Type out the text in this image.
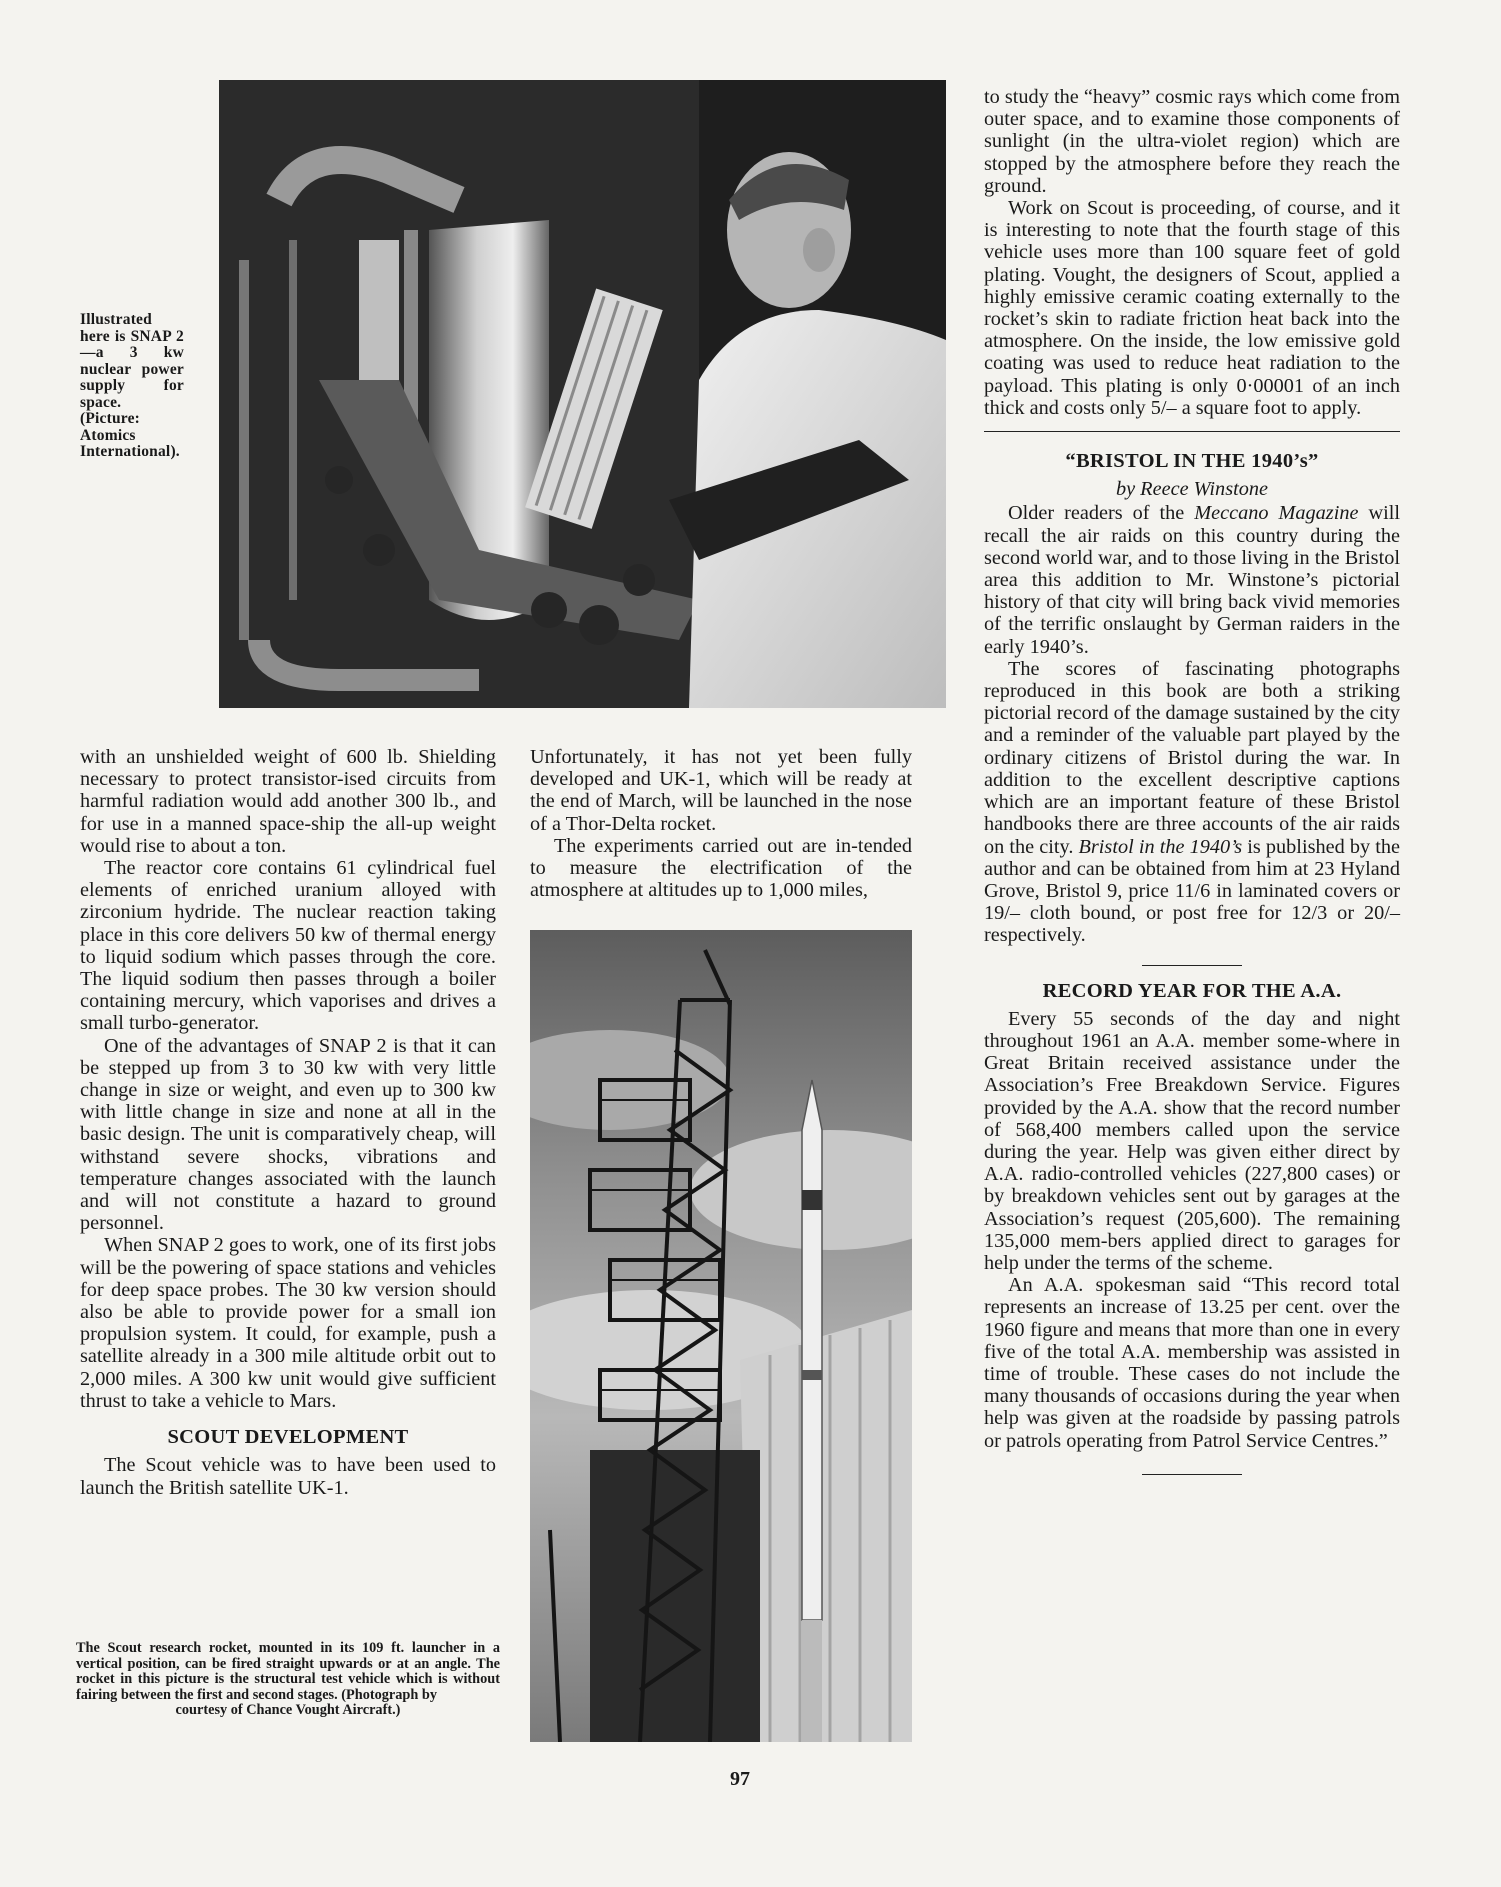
Illustrated here is SNAP 2—a 3 kw nuclear power supply for space. (Picture: Atomics International).

with an unshielded weight of 600 lb. Shielding necessary to protect transistor-ised circuits from harmful radiation would add another 300 lb., and for use in a manned space-ship the all-up weight would rise to about a ton.

The reactor core contains 61 cylindrical fuel elements of enriched uranium alloyed with zirconium hydride. The nuclear reaction taking place in this core delivers 50 kw of thermal energy to liquid sodium which passes through the core. The liquid sodium then passes through a boiler containing mercury, which vaporises and drives a small turbo-generator.

One of the advantages of SNAP 2 is that it can be stepped up from 3 to 30 kw with very little change in size or weight, and even up to 300 kw with little change in size and none at all in the basic design. The unit is comparatively cheap, will withstand severe shocks, vibrations and temperature changes associated with the launch and will not constitute a hazard to ground personnel.

When SNAP 2 goes to work, one of its first jobs will be the powering of space stations and vehicles for deep space probes. The 30 kw version should also be able to provide power for a small ion propulsion system. It could, for example, push a satellite already in a 300 mile altitude orbit out to 2,000 miles. A 300 kw unit would give sufficient thrust to take a vehicle to Mars.

SCOUT DEVELOPMENT

The Scout vehicle was to have been used to launch the British satellite UK-1.

The Scout research rocket, mounted in its 109 ft. launcher in a vertical position, can be fired straight upwards or at an angle. The rocket in this picture is the structural test vehicle which is without fairing between the first and second stages. (Photograph by
courtesy of Chance Vought Aircraft.)

Unfortunately, it has not yet been fully developed and UK-1, which will be ready at the end of March, will be launched in the nose of a Thor-Delta rocket.

The experiments carried out are in-tended to measure the electrification of the atmosphere at altitudes up to 1,000 miles,

to study the “heavy” cosmic rays which come from outer space, and to examine those components of sunlight (in the ultra-violet region) which are stopped by the atmosphere before they reach the ground.

Work on Scout is proceeding, of course, and it is interesting to note that the fourth stage of this vehicle uses more than 100 square feet of gold plating. Vought, the designers of Scout, applied a highly emissive ceramic coating externally to the rocket’s skin to radiate friction heat back into the atmosphere. On the inside, the low emissive gold coating was used to reduce heat radiation to the payload. This plating is only 0·00001 of an inch thick and costs only 5/– a square foot to apply.

“BRISTOL IN THE 1940’s”
by Reece Winstone

Older readers of the Meccano Magazine will recall the air raids on this country during the second world war, and to those living in the Bristol area this addition to Mr. Winstone’s pictorial history of that city will bring back vivid memories of the terrific onslaught by German raiders in the early 1940’s.

The scores of fascinating photographs reproduced in this book are both a striking pictorial record of the damage sustained by the city and a reminder of the valuable part played by the ordinary citizens of Bristol during the war. In addition to the excellent descriptive captions which are an important feature of these Bristol handbooks there are three accounts of the air raids on the city. Bristol in the 1940’s is published by the author and can be obtained from him at 23 Hyland Grove, Bristol 9, price 11/6 in laminated covers or 19/– cloth bound, or post free for 12/3 or 20/– respectively.

RECORD YEAR FOR THE A.A.

Every 55 seconds of the day and night throughout 1961 an A.A. member some-where in Great Britain received assistance under the Association’s Free Breakdown Service. Figures provided by the A.A. show that the record number of 568,400 members called upon the service during the year. Help was given either direct by A.A. radio-controlled vehicles (227,800 cases) or by breakdown vehicles sent out by garages at the Association’s request (205,600). The remaining 135,000 mem-bers applied direct to garages for help under the terms of the scheme.

An A.A. spokesman said “This record total represents an increase of 13.25 per cent. over the 1960 figure and means that more than one in every five of the total A.A. membership was assisted in time of trouble. These cases do not include the many thousands of occasions during the year when help was given at the roadside by passing patrols or patrols operating from Patrol Service Centres.”

97
